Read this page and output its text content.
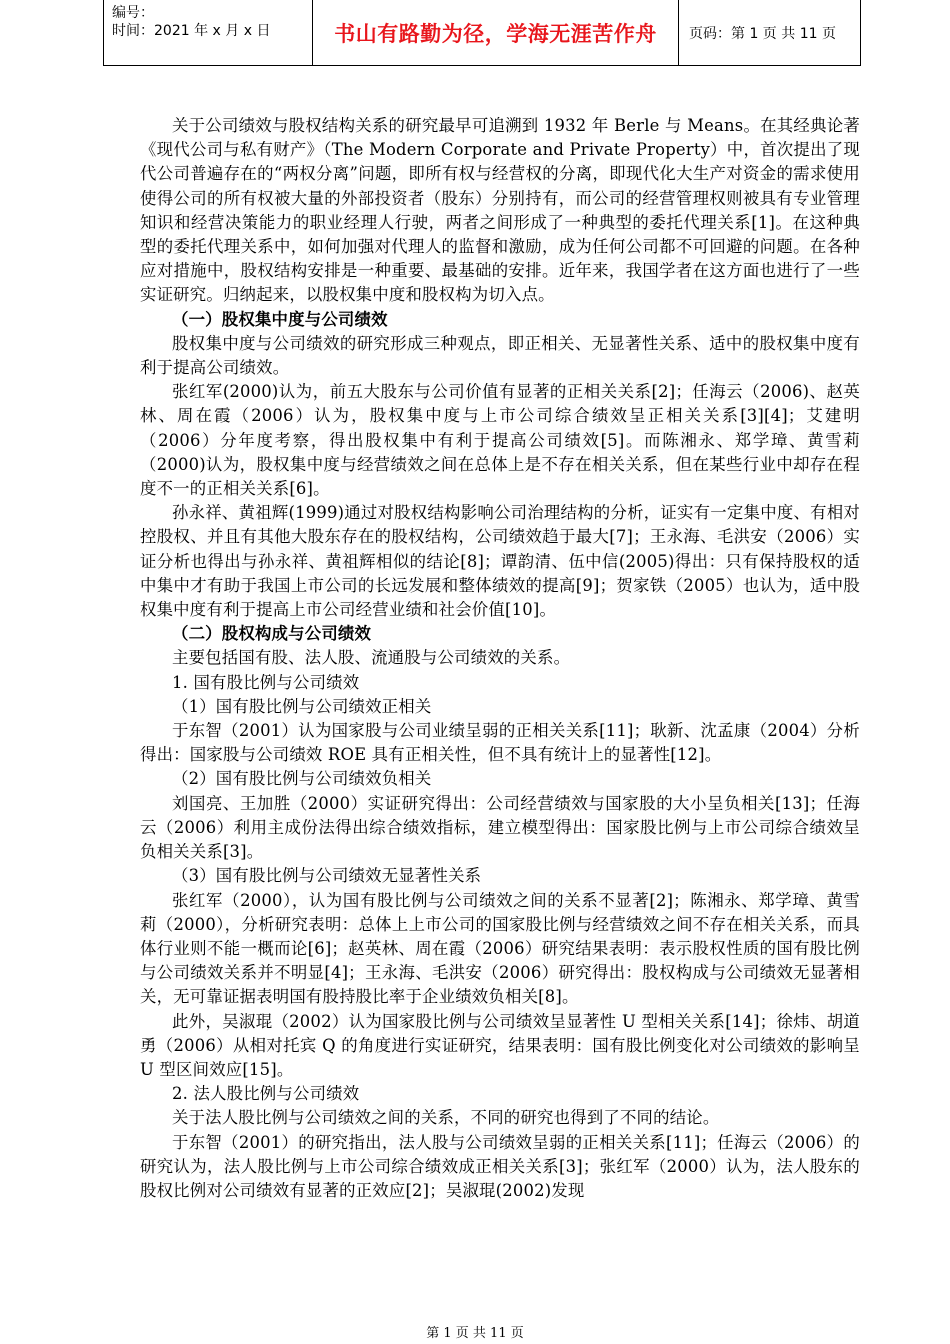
编号：
时间：2021 年 x 月 x 日	书山有路勤为径，学海无涯苦作舟	页码：第 1 页 共 11 页

关于公司绩效与股权结构关系的研究最早可追溯到 1932 年 Berle 与 Means。在其经典论著《现代公司与私有财产》（The Modern Corporate and Private Property）中，首次提出了现代公司普遍存在的“两权分离”问题，即所有权与经营权的分离，即现代化大生产对资金的需求使用使得公司的所有权被大量的外部投资者（股东）分别持有，而公司的经营管理权则被具有专业管理知识和经营决策能力的职业经理人行驶，两者之间形成了一种典型的委托代理关系[1]。在这种典型的委托代理关系中，如何加强对代理人的监督和激励，成为任何公司都不可回避的问题。在各种应对措施中，股权结构安排是一种重要、最基础的安排。近年来，我国学者在这方面也进行了一些实证研究。归纳起来，以股权集中度和股权构为切入点。

（一）股权集中度与公司绩效

股权集中度与公司绩效的研究形成三种观点，即正相关、无显著性关系、适中的股权集中度有利于提高公司绩效。

张红军(2000)认为，前五大股东与公司价值有显著的正相关关系[2]；任海云（2006)、赵英林、周在霞（2006）认为，股权集中度与上市公司综合绩效呈正相关关系[3][4]；艾建明（2006）分年度考察，得出股权集中有利于提高公司绩效[5]。而陈湘永、郑学璋、黄雪莉（2000)认为，股权集中度与经营绩效之间在总体上是不存在相关关系，但在某些行业中却存在程度不一的正相关关系[6]。

孙永祥、黄祖辉(1999)通过对股权结构影响公司治理结构的分析，证实有一定集中度、有相对控股权、并且有其他大股东存在的股权结构，公司绩效趋于最大[7]；王永海、毛洪安（2006）实证分析也得出与孙永祥、黄祖辉相似的结论[8]；谭韵清、伍中信(2005)得出：只有保持股权的适中集中才有助于我国上市公司的长远发展和整体绩效的提高[9]；贺家铁（2005）也认为，适中股权集中度有利于提高上市公司经营业绩和社会价值[10]。

（二）股权构成与公司绩效

主要包括国有股、法人股、流通股与公司绩效的关系。

1. 国有股比例与公司绩效

（1）国有股比例与公司绩效正相关

于东智（2001）认为国家股与公司业绩呈弱的正相关关系[11]；耿新、沈孟康（2004）分析得出：国家股与公司绩效 ROE 具有正相关性，但不具有统计上的显著性[12]。

（2）国有股比例与公司绩效负相关

刘国亮、王加胜（2000）实证研究得出：公司经营绩效与国家股的大小呈负相关[13]；任海云（2006）利用主成份法得出综合绩效指标，建立模型得出：国家股比例与上市公司综合绩效呈负相关关系[3]。

（3）国有股比例与公司绩效无显著性关系

张红军（2000），认为国有股比例与公司绩效之间的关系不显著[2]；陈湘永、郑学璋、黄雪莉（2000），分析研究表明：总体上上市公司的国家股比例与经营绩效之间不存在相关关系，而具体行业则不能一概而论[6]；赵英林、周在霞（2006）研究结果表明：表示股权性质的国有股比例与公司绩效关系并不明显[4]；王永海、毛洪安（2006）研究得出：股权构成与公司绩效无显著相关，无可靠证据表明国有股持股比率于企业绩效负相关[8]。

此外，吴淑琨（2002）认为国家股比例与公司绩效呈显著性 U 型相关关系[14]；徐炜、胡道勇（2006）从相对托宾 Q 的角度进行实证研究，结果表明：国有股比例变化对公司绩效的影响呈 U 型区间效应[15]。

2. 法人股比例与公司绩效

关于法人股比例与公司绩效之间的关系，不同的研究也得到了不同的结论。

于东智（2001）的研究指出，法人股与公司绩效呈弱的正相关关系[11]；任海云（2006）的研究认为，法人股比例与上市公司综合绩效成正相关关系[3]；张红军（2000）认为，法人股东的股权比例对公司绩效有显著的正效应[2]；吴淑琨(2002)发现

第 1 页 共 11 页
